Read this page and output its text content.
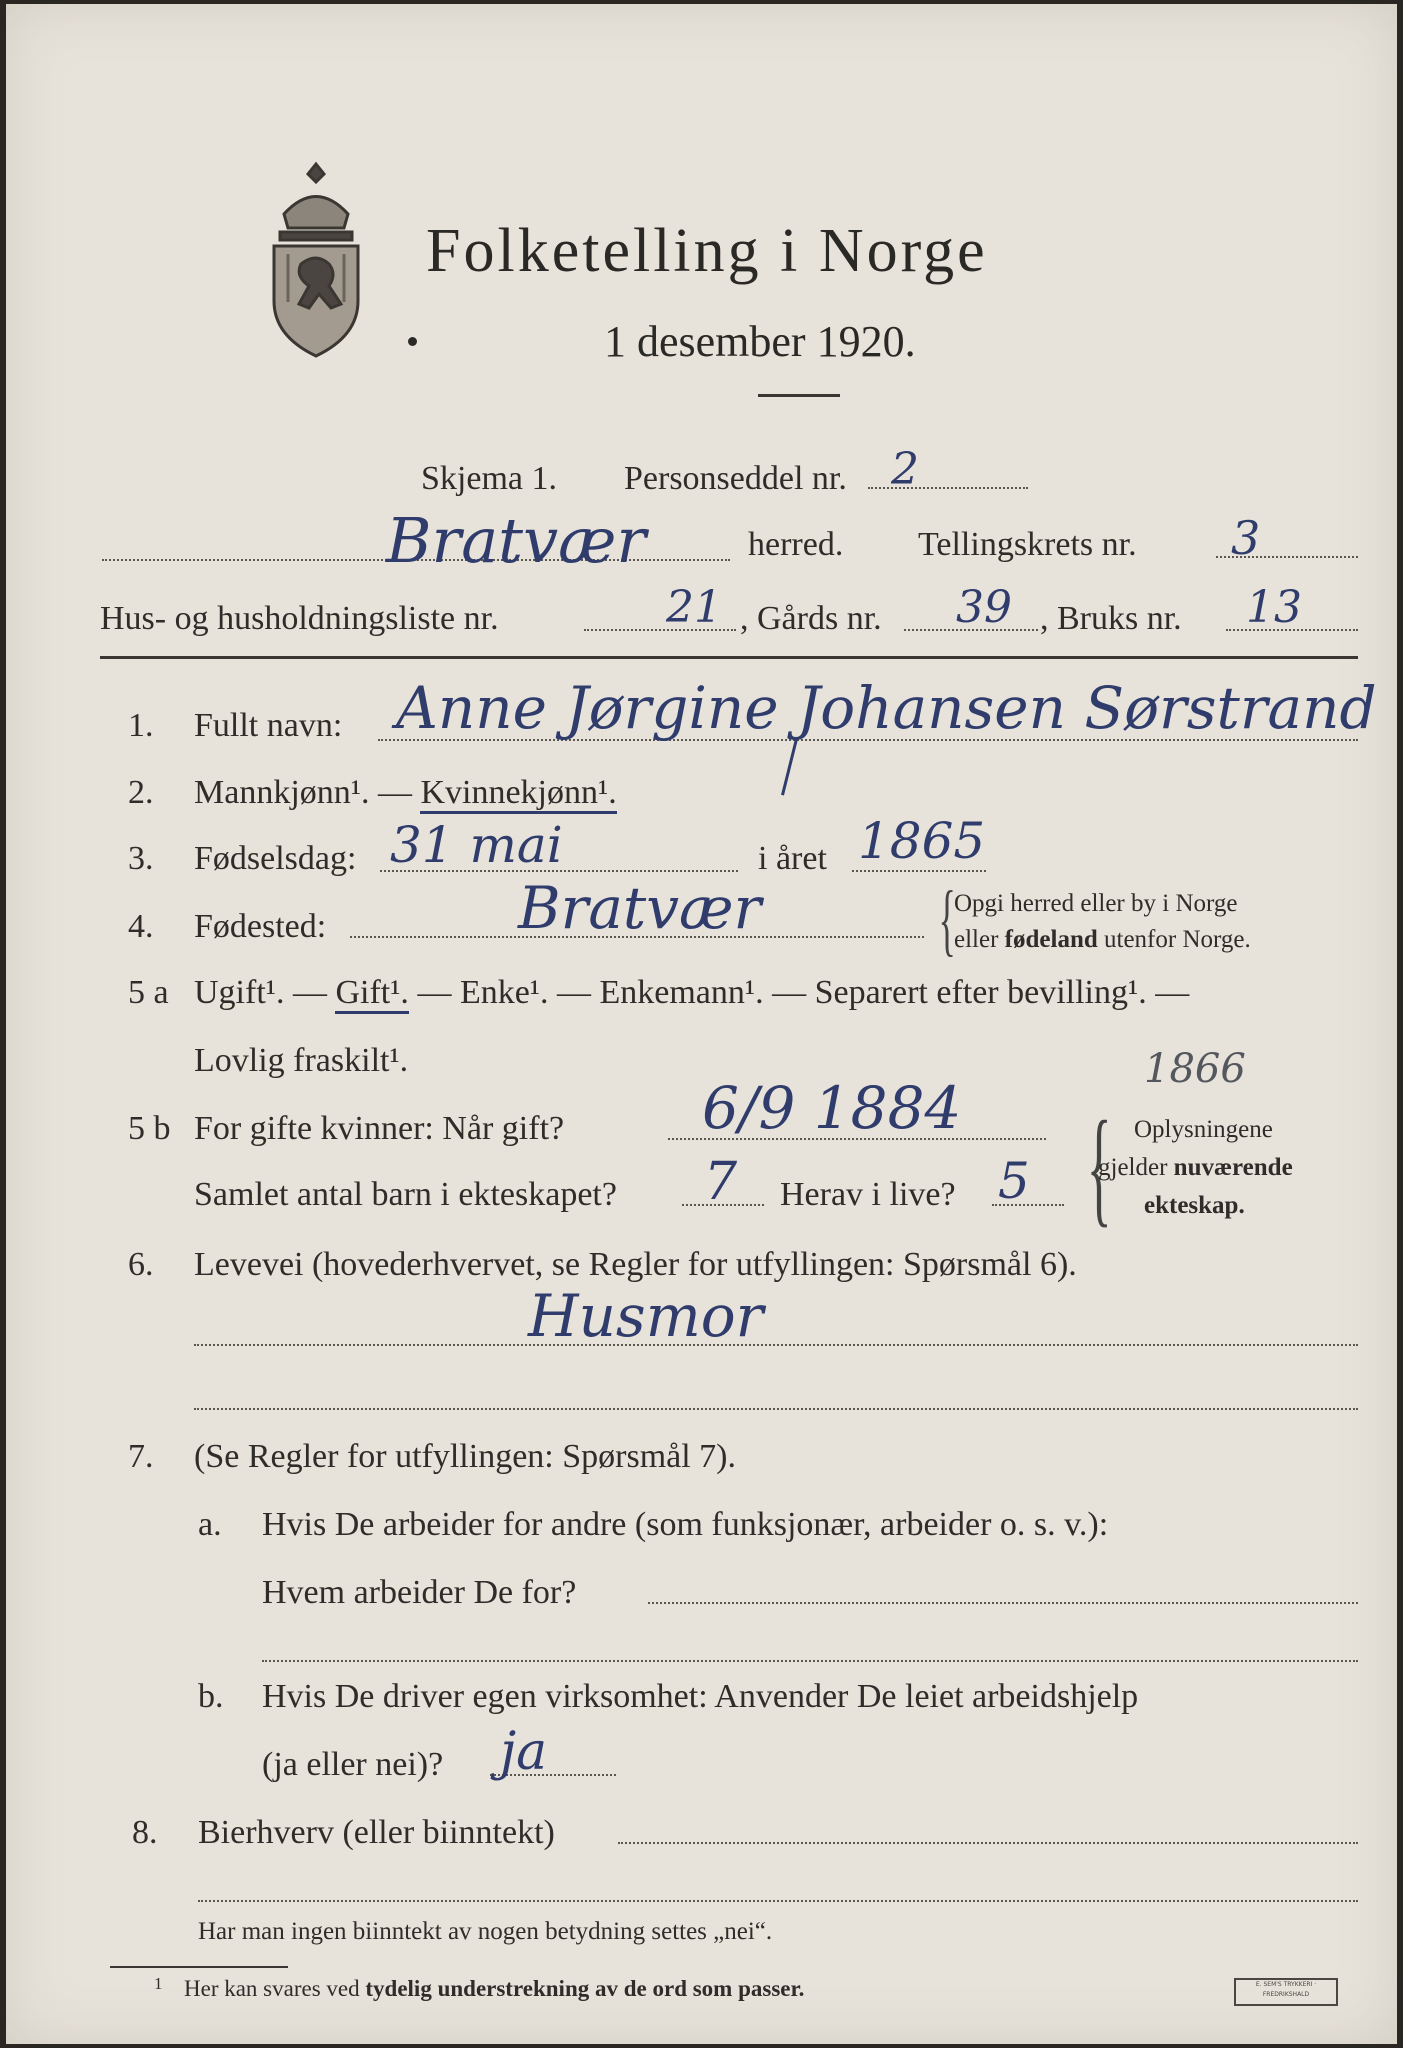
Folketelling i Norge
1 desember 1920.
Skjema 1. Personseddel nr. 2
Bratvær	herred. Tellingskrets nr. 3
Hus- og husholdningsliste nr.	21 , Gårds nr. 39 , Bruks nr. 13
1. Fullt navn: Anne Jørgine Johansen Sørstrand
2. Mannkjønn¹. — Kvinnekjønn¹.
3. Fødselsdag: 31 mai	i året 1865
4. Fødested:	Bratvær {
Opgi herred eller by i Norge
eller fødeland utenfor Norge.
5 a Ugift¹. — Gift¹. — Enke¹. — Enkemann¹. — Separert efter bevilling¹. —
Lovlig fraskilt¹.	1866
5 b For gifte kvinner: Når gift? 6/9 1884
Samlet antal barn i ekteskapet? 7 Herav i live? 5 { Oplysningene
gjelder nuværende
ekteskap.
6. Levevei (hovederhvervet, se Regler for utfyllingen: Spørsmål 6).
Husmor
7. (Se Regler for utfyllingen: Spørsmål 7).
a. Hvis De arbeider for andre (som funksjonær, arbeider o. s. v.):
Hvem arbeider De for?
b. Hvis De driver egen virksomhet: Anvender De leiet arbeidshjelp
(ja eller nei)? ja
8. Bierhverv (eller biinntekt)
Har man ingen biinntekt av nogen betydning settes „nei“.
1 Her kan svares ved tydelig understrekning av de ord som passer.	E. SEM'S TRYKKERI · FREDRIKSHALD
